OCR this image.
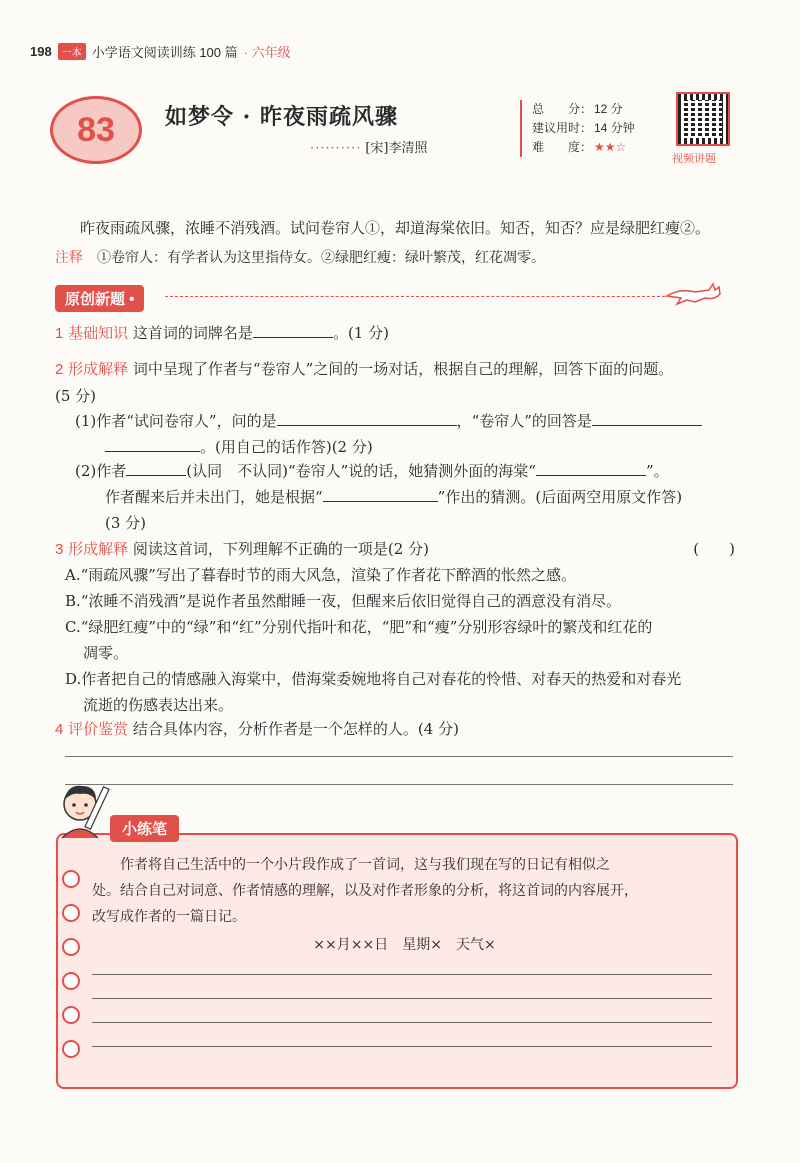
198	一本 小学语文阅读训练 100 篇 · 六年级
83	如梦令 · 昨夜雨疏风骤
·········· [宋]李清照
总　　分： 12 分
建议用时： 14 分钟
难　　度： ★★☆
视频讲题
昨夜雨疏风骤，浓睡不消残酒。试问卷帘人①，却道海棠依旧。知否，知否？应是绿肥红瘦②。
注释　 ①卷帘人：有学者认为这里指侍女。②绿肥红瘦：绿叶繁茂，红花凋零。
原创新题 •
1 基础知识 这首词的词牌名是	。(1 分)
2 形成解释 词中呈现了作者与“卷帘人”之间的一场对话，根据自己的理解，回答下面的问题。
(5 分)
(1)作者“试问卷帘人”，问的是	，“卷帘人”的回答是
。(用自己的话作答)(2 分)
(2)作者	(认同　不认同)“卷帘人”说的话，她猜测外面的海棠“	”。
作者醒来后并未出门，她是根据“	”作出的猜测。(后面两空用原文作答)
(3 分)
3 形成解释 阅读这首词，下列理解不正确的一项是(2 分)	(　　)
A.“雨疏风骤”写出了暮春时节的雨大风急，渲染了作者花下醉酒的怅然之感。
B.“浓睡不消残酒”是说作者虽然酣睡一夜，但醒来后依旧觉得自己的酒意没有消尽。
C.“绿肥红瘦”中的“绿”和“红”分别代指叶和花，“肥”和“瘦”分别形容绿叶的繁茂和红花的
凋零。
D.作者把自己的情感融入海棠中，借海棠委婉地将自己对春花的怜惜、对春天的热爱和对春光
流逝的伤感表达出来。
4 评价鉴赏 结合具体内容，分析作者是一个怎样的人。(4 分)
小练笔
作者将自己生活中的一个小片段作成了一首词，这与我们现在写的日记有相似之
处。结合自己对词意、作者情感的理解，以及对作者形象的分析，将这首词的内容展开，
改写成作者的一篇日记。
××月××日　星期×　天气×
